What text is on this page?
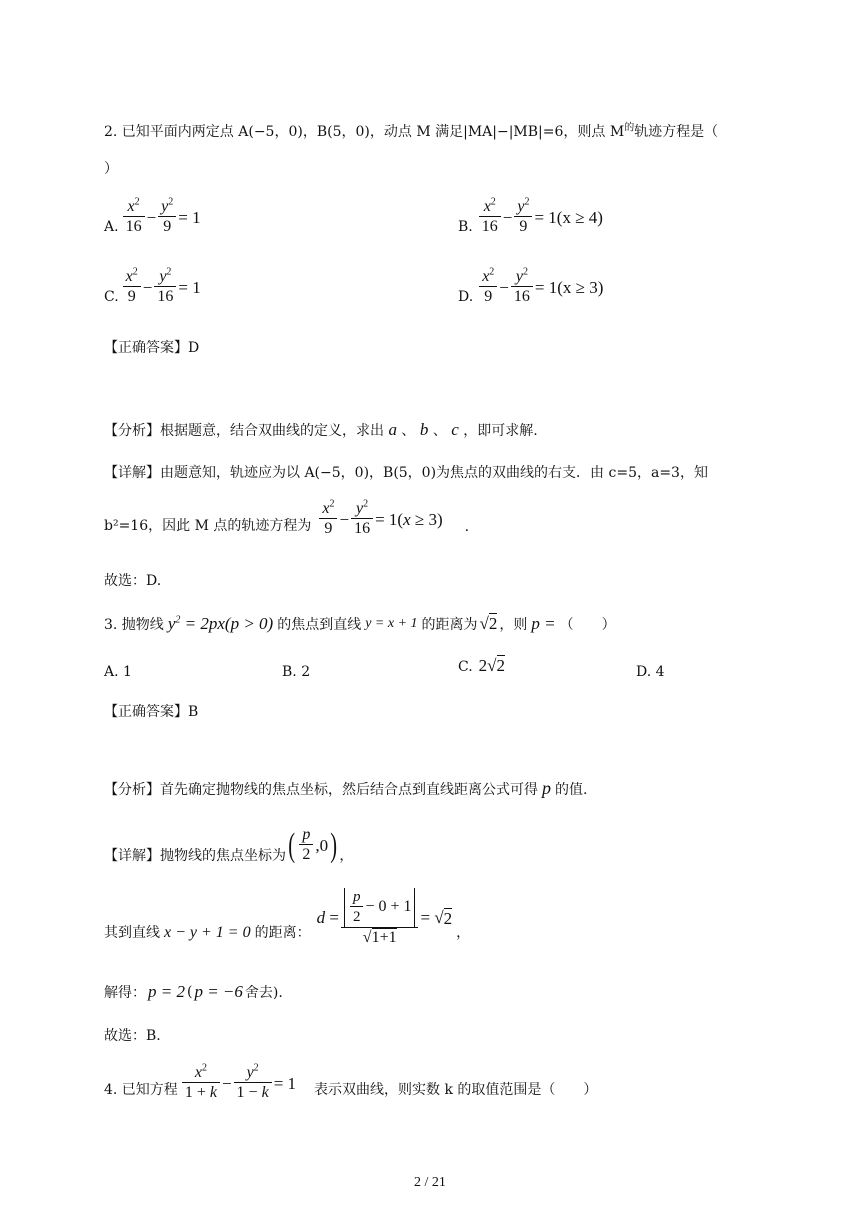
2. 已知平面内两定点 A(−5，0)，B(5，0)，动点 M 满足|MA|−|MB|=6，则点 $M^的$轨迹方程是（
）
A. $\frac{x^2}{16} - \frac{y^2}{9} = 1$
B. $\frac{x^2}{16} - \frac{y^2}{9} = 1(x \ge 4)$
C. $\frac{x^2}{9} - \frac{y^2}{16} = 1$
D. $\frac{x^2}{9} - \frac{y^2}{16} = 1(x \ge 3)$
【正确答案】D
【分析】根据题意，结合双曲线的定义，求出 a 、 b 、 c ，即可求解.
【详解】由题意知，轨迹应为以 A(−5，0)，B(5，0)为焦点的双曲线的右支．由 c=5，a=3，知
b²=16，因此 M 点的轨迹方程为 $\frac{x^2}{9} - \frac{y^2}{16} = 1(x \ge 3)$ .
故选：D.
3. 抛物线 $y^2 = 2px(p > 0)$ 的焦点到直线 y = x + 1 的距离为 √2 ，则 p = （　　）
A. 1	B. 2	C. 2√2	D. 4
【正确答案】B
【分析】首先确定抛物线的焦点坐标，然后结合点到直线距离公式可得 p 的值.
【详解】抛物线的焦点坐标为 ( $\frac{p}{2} ,0$ ) ，
其到直线 x − y + 1 = 0 的距离：
$d = \frac{\frac{p}{2} - 0 + 1}{√1+1}$ = √ 2
，
解得： p = 2 ( p = −6 舍去).
故选：B.
4. 已知方程 $\frac{x^2}{1 + k} - \frac{y^2}{1 - k} = 1$ 表示双曲线，则实数 k 的取值范围是（　　）
2 / 21
